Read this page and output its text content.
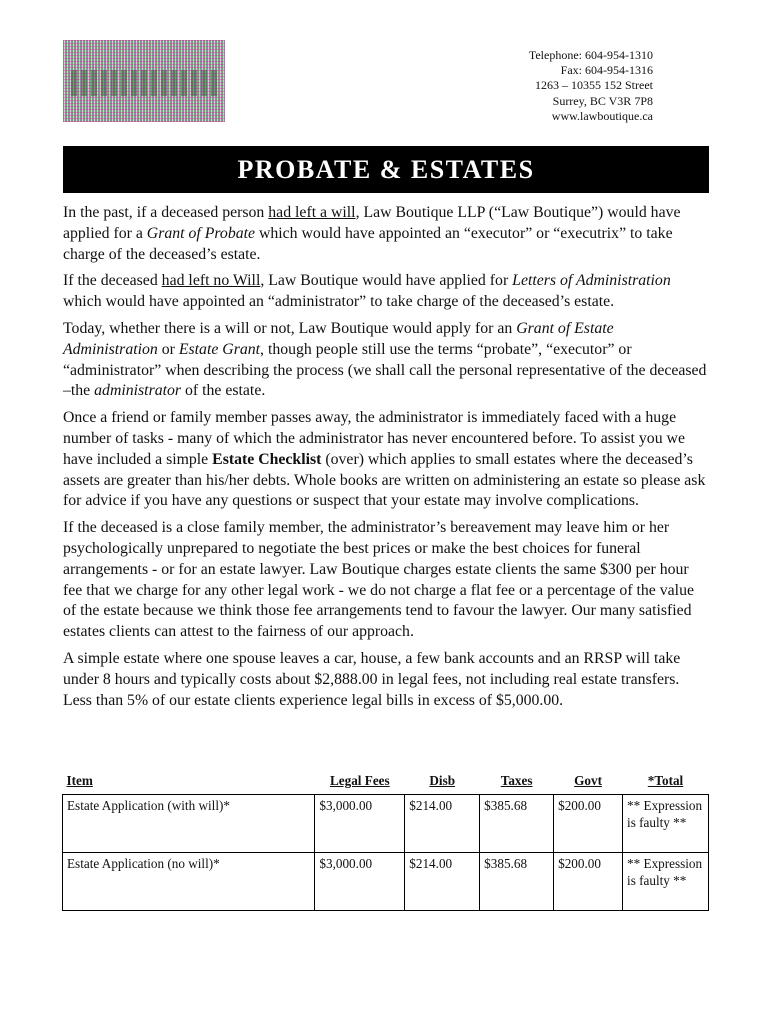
Telephone: 604-954-1310
Fax: 604-954-1316
1263 – 10355 152 Street
Surrey, BC V3R 7P8
www.lawboutique.ca
PROBATE & ESTATES

In the past, if a deceased person had left a will, Law Boutique LLP (“Law Boutique”) would have applied for a Grant of Probate which would have appointed an “executor” or “executrix” to take charge of the deceased’s estate.

If the deceased had left no Will, Law Boutique would have applied for Letters of Administration which would have appointed an “administrator” to take charge of the deceased’s estate.

Today, whether there is a will or not, Law Boutique would apply for an Grant of Estate Administration or Estate Grant, though people still use the terms “probate”, “executor” or “administrator” when describing the process (we shall call the personal representative of the deceased –the administrator of the estate.

Once a friend or family member passes away, the administrator is immediately faced with a huge number of tasks - many of which the administrator has never encountered before. To assist you we have included a simple Estate Checklist (over) which applies to small estates where the deceased’s assets are greater than his/her debts. Whole books are written on administering an estate so please ask for advice if you have any questions or suspect that your estate may involve complications.

If the deceased is a close family member, the administrator’s bereavement may leave him or her psychologically unprepared to negotiate the best prices or make the best choices for funeral arrangements - or for an estate lawyer. Law Boutique charges estate clients the same $300 per hour fee that we charge for any other legal work - we do not charge a flat fee or a percentage of the value of the estate because we think those fee arrangements tend to favour the lawyer. Our many satisfied estates clients can attest to the fairness of our approach.

A simple estate where one spouse leaves a car, house, a few bank accounts and an RRSP will take under 8 hours and typically costs about $2,888.00 in legal fees, not including real estate transfers. Less than 5% of our estate clients experience legal bills in excess of $5,000.00.

Item	Legal Fees	Disb	Taxes	Govt	*Total
Estate Application (with will)*	$3,000.00	$214.00	$385.68	$200.00	** Expression is faulty **
Estate Application (no will)*	$3,000.00	$214.00	$385.68	$200.00	** Expression is faulty **
